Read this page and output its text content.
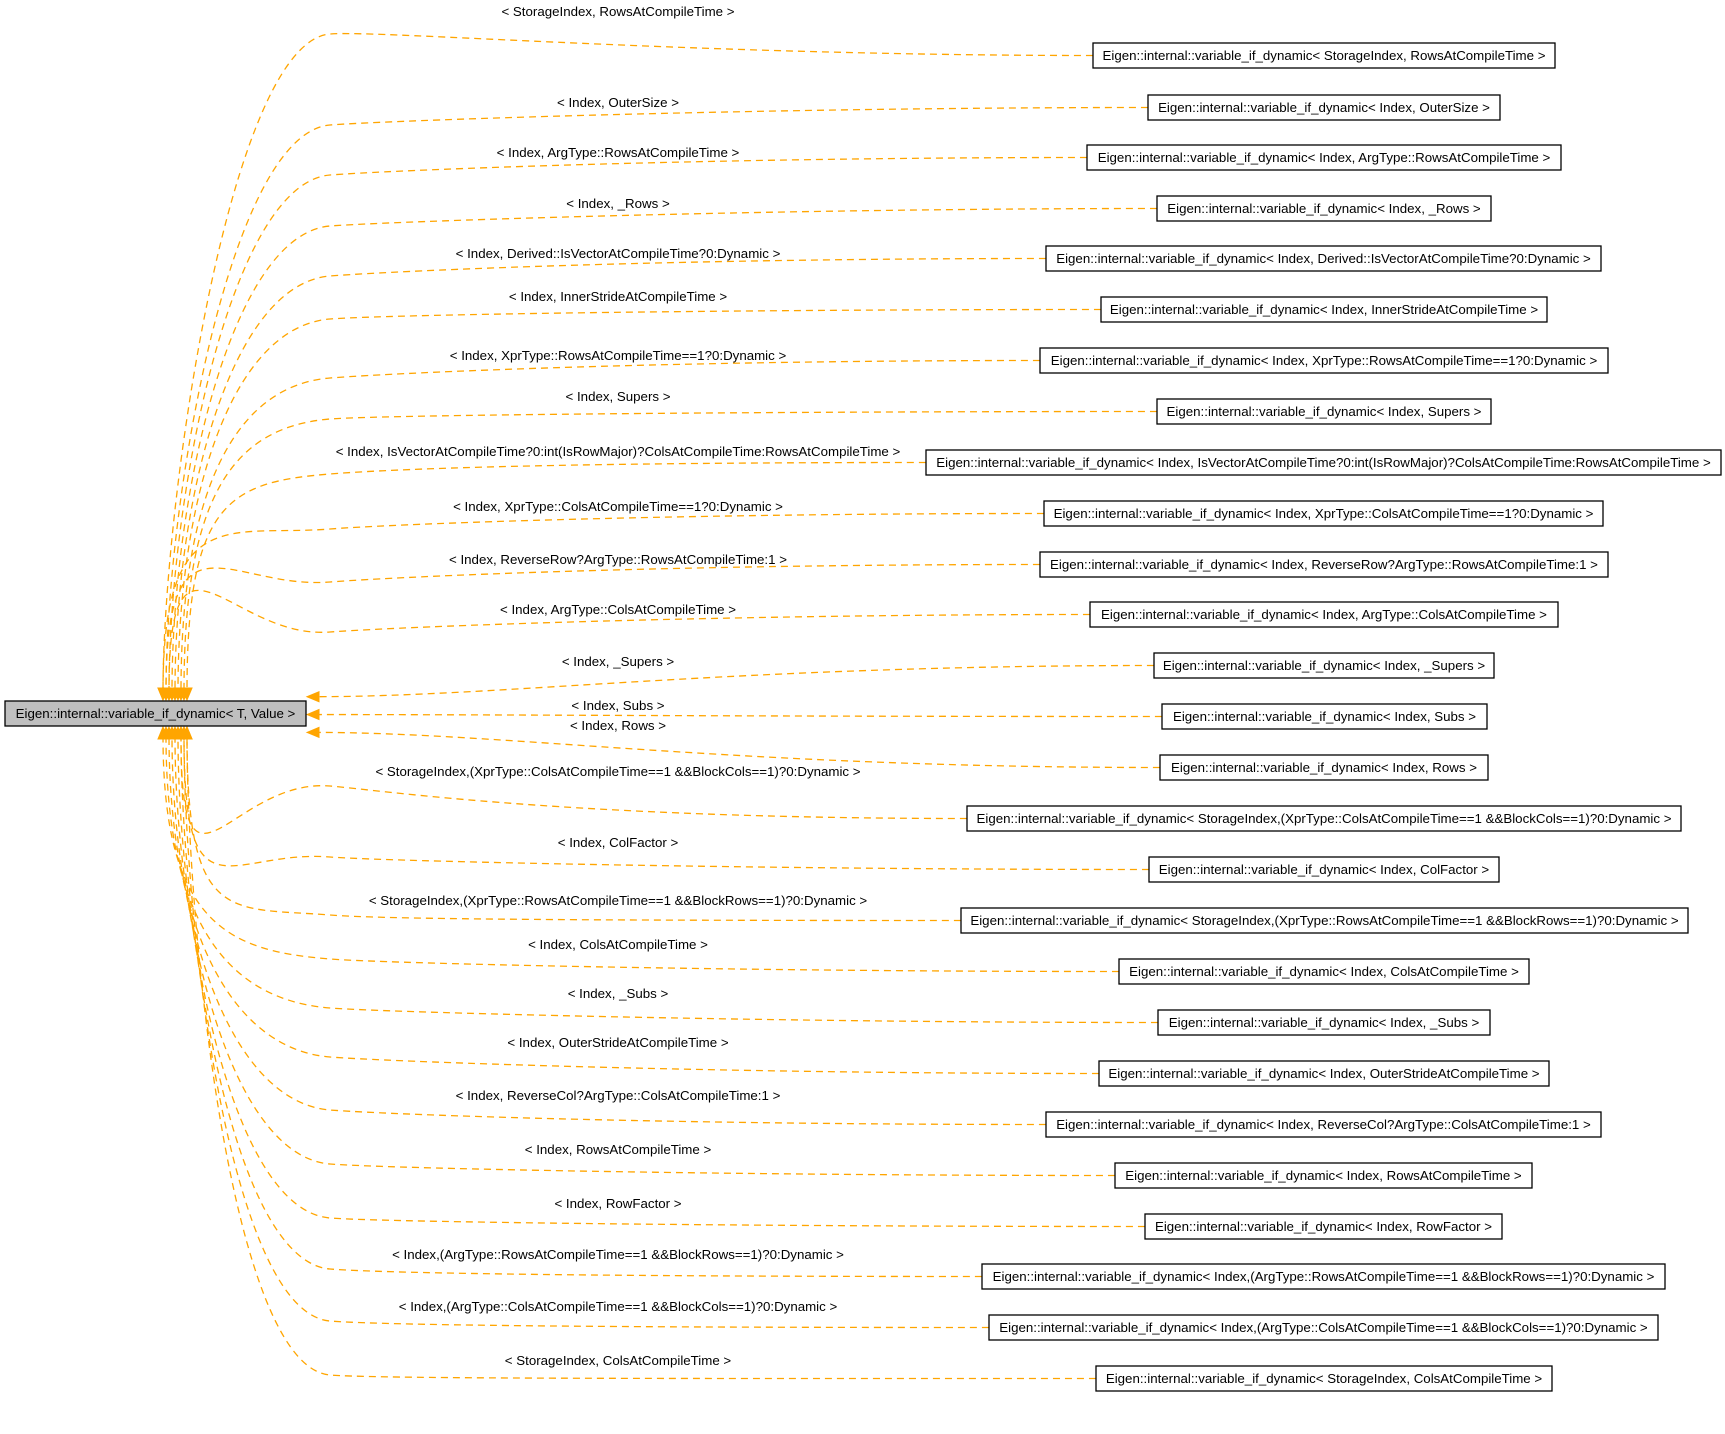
< StorageIndex, RowsAtCompileTime >
< Index, OuterSize >
< Index, ArgType::RowsAtCompileTime >
< Index, _Rows >
< Index, Derived::IsVectorAtCompileTime?0:Dynamic >
< Index, InnerStrideAtCompileTime >
< Index, XprType::RowsAtCompileTime==1?0:Dynamic >
< Index, Supers >
< Index, IsVectorAtCompileTime?0:int(IsRowMajor)?ColsAtCompileTime:RowsAtCompileTime >
< Index, XprType::ColsAtCompileTime==1?0:Dynamic >
< Index, ReverseRow?ArgType::RowsAtCompileTime:1 >
< Index, ArgType::ColsAtCompileTime >
< Index, _Supers >
< Index, Subs >
< Index, Rows >
< StorageIndex,(XprType::ColsAtCompileTime==1 &&BlockCols==1)?0:Dynamic >
< Index, ColFactor >
< StorageIndex,(XprType::RowsAtCompileTime==1 &&BlockRows==1)?0:Dynamic >
< Index, ColsAtCompileTime >
< Index, _Subs >
< Index, OuterStrideAtCompileTime >
< Index, ReverseCol?ArgType::ColsAtCompileTime:1 >
< Index, RowsAtCompileTime >
< Index, RowFactor >
< Index,(ArgType::RowsAtCompileTime==1 &&BlockRows==1)?0:Dynamic >
< Index,(ArgType::ColsAtCompileTime==1 &&BlockCols==1)?0:Dynamic >
< StorageIndex, ColsAtCompileTime >
Eigen::internal::variable_if_dynamic< T, Value >
Eigen::internal::variable_if_dynamic< StorageIndex, RowsAtCompileTime >
Eigen::internal::variable_if_dynamic< Index, OuterSize >
Eigen::internal::variable_if_dynamic< Index, ArgType::RowsAtCompileTime >
Eigen::internal::variable_if_dynamic< Index, _Rows >
Eigen::internal::variable_if_dynamic< Index, Derived::IsVectorAtCompileTime?0:Dynamic >
Eigen::internal::variable_if_dynamic< Index, InnerStrideAtCompileTime >
Eigen::internal::variable_if_dynamic< Index, XprType::RowsAtCompileTime==1?0:Dynamic >
Eigen::internal::variable_if_dynamic< Index, Supers >
Eigen::internal::variable_if_dynamic< Index, IsVectorAtCompileTime?0:int(IsRowMajor)?ColsAtCompileTime:RowsAtCompileTime >
Eigen::internal::variable_if_dynamic< Index, XprType::ColsAtCompileTime==1?0:Dynamic >
Eigen::internal::variable_if_dynamic< Index, ReverseRow?ArgType::RowsAtCompileTime:1 >
Eigen::internal::variable_if_dynamic< Index, ArgType::ColsAtCompileTime >
Eigen::internal::variable_if_dynamic< Index, _Supers >
Eigen::internal::variable_if_dynamic< Index, Subs >
Eigen::internal::variable_if_dynamic< Index, Rows >
Eigen::internal::variable_if_dynamic< StorageIndex,(XprType::ColsAtCompileTime==1 &&BlockCols==1)?0:Dynamic >
Eigen::internal::variable_if_dynamic< Index, ColFactor >
Eigen::internal::variable_if_dynamic< StorageIndex,(XprType::RowsAtCompileTime==1 &&BlockRows==1)?0:Dynamic >
Eigen::internal::variable_if_dynamic< Index, ColsAtCompileTime >
Eigen::internal::variable_if_dynamic< Index, _Subs >
Eigen::internal::variable_if_dynamic< Index, OuterStrideAtCompileTime >
Eigen::internal::variable_if_dynamic< Index, ReverseCol?ArgType::ColsAtCompileTime:1 >
Eigen::internal::variable_if_dynamic< Index, RowsAtCompileTime >
Eigen::internal::variable_if_dynamic< Index, RowFactor >
Eigen::internal::variable_if_dynamic< Index,(ArgType::RowsAtCompileTime==1 &&BlockRows==1)?0:Dynamic >
Eigen::internal::variable_if_dynamic< Index,(ArgType::ColsAtCompileTime==1 &&BlockCols==1)?0:Dynamic >
Eigen::internal::variable_if_dynamic< StorageIndex, ColsAtCompileTime >
